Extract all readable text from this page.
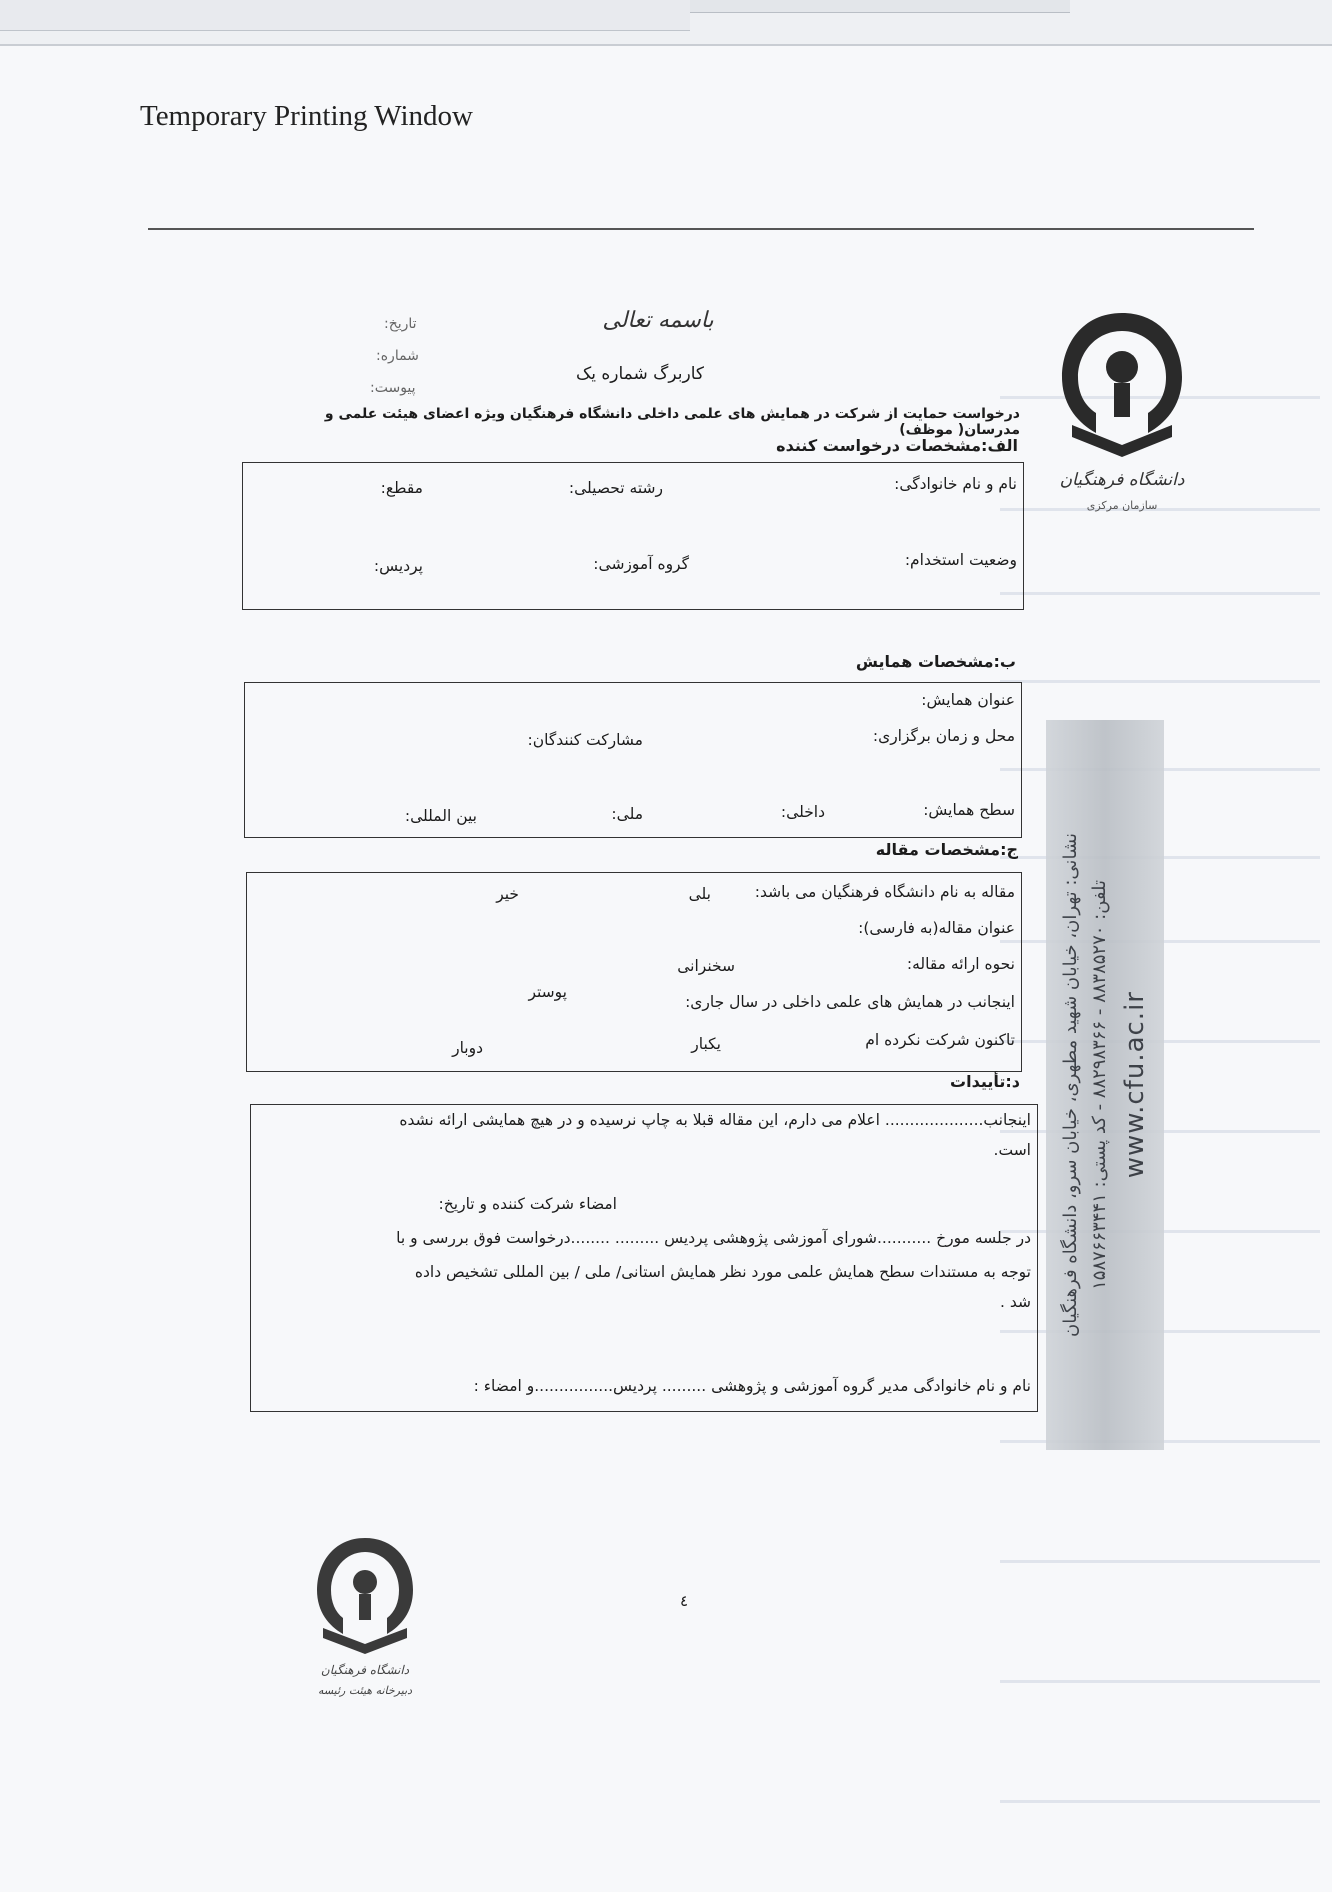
Temporary Printing Window
نشانی: تهران، خیابان شهید مطهری، خیابان سرو، دانشگاه فرهنگیان تلفن: ۸۸۳۸۵۲۷۰ - ۸۸۲۹۸۳۶۶ - کد پستی: ۱۵۸۷۶۶۳۴۴۱
www.cfu.ac.ir
دانشگاه فرهنگیان
سازمان مرکزی
تاریخ:
شماره:
پیوست:
باسمه تعالی
کاربرگ شماره یک
درخواست حمایت از شرکت در همایش های علمی داخلی دانشگاه فرهنگیان ویژه اعضای هیئت علمی و مدرسان( موظف)
الف:مشخصات درخواست کننده
نام و نام خانوادگی:
رشته تحصیلی:
مقطع:
وضعیت استخدام:
گروه آموزشی:
پردیس:
ب:مشخصات همایش
عنوان همایش:
محل و زمان برگزاری:
مشارکت کنندگان:
سطح همایش:
داخلی:
ملی:
بین المللی:
ج:مشخصات مقاله
مقاله به نام دانشگاه فرهنگیان می باشد:
بلی
خیر
عنوان مقاله(به فارسی):
نحوه ارائه مقاله:
سخنرانی
پوستر
اینجانب در همایش های علمی داخلی در سال جاری:
تاکنون شرکت نکرده ام
یکبار
دوبار
د:تأییدات
اینجانب.................... اعلام می دارم، این مقاله قبلا به چاپ نرسیده و در هیچ همایشی ارائه نشده
است.
امضاء شرکت کننده و تاریخ:
در جلسه مورخ ...........شورای آموزشی پژوهشی پردیس ......... ........درخواست فوق بررسی و با
توجه به مستندات سطح همایش علمی مورد نظر همایش استانی/ ملی / بین المللی تشخیص داده
شد .
نام و نام خانوادگی مدیر گروه آموزشی و پژوهشی ......... پردیس................و امضاء :
٤
دانشگاه فرهنگیان
دبیرخانه هیئت رئیسه
